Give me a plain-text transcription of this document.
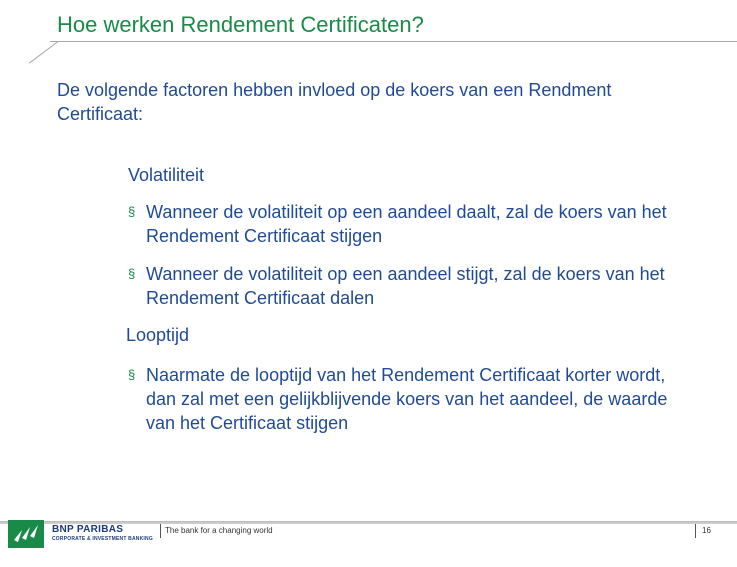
Hoe werken Rendement Certificaten?
De volgende factoren hebben invloed op de koers van een Rendment Certificaat:
Volatiliteit
§ Wanneer de volatiliteit op een aandeel daalt, zal de koers van het Rendement Certificaat stijgen
§ Wanneer de volatiliteit op een aandeel stijgt, zal de koers van het Rendement Certificaat dalen
Looptijd
§ Naarmate de looptijd van het Rendement Certificaat korter wordt, dan zal met een gelijkblijvende koers van het aandeel, de waarde van het Certificaat stijgen
BNP PARIBAS
CORPORATE & INVESTMENT BANKING
The bank for a changing world	16
